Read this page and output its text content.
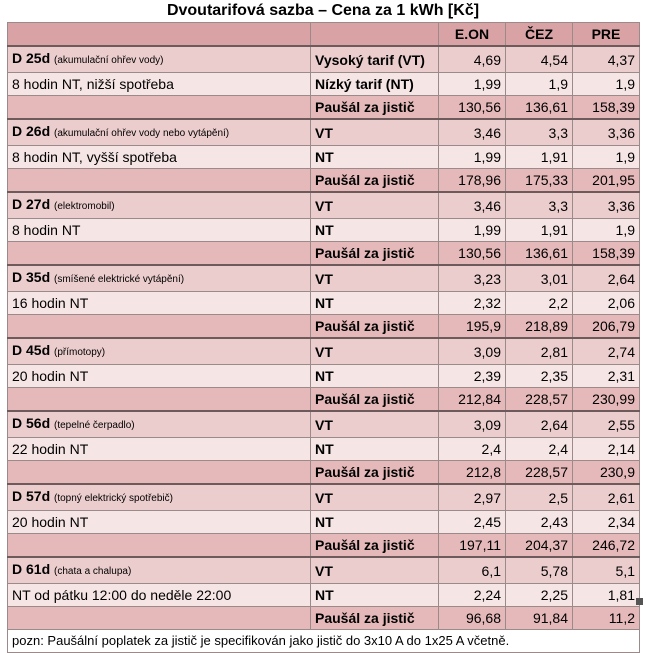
Dvoutarifová sazba – Cena za 1 kWh [Kč]
		E.ON	ČEZ	PRE
D 25d (akumulační ohřev vody)	Vysoký tarif (VT)	4,69	4,54	4,37
8 hodin NT, nižší spotřeba	Nízký tarif (NT)	1,99	1,9	1,9
	Paušál za jistič	130,56	136,61	158,39
D 26d (akumulační ohřev vody nebo vytápění)	VT	3,46	3,3	3,36
8 hodin NT, vyšší spotřeba	NT	1,99	1,91	1,9
	Paušál za jistič	178,96	175,33	201,95
D 27d (elektromobil)	VT	3,46	3,3	3,36
8 hodin NT	NT	1,99	1,91	1,9
	Paušál za jistič	130,56	136,61	158,39
D 35d (smíšené elektrické vytápění)	VT	3,23	3,01	2,64
16 hodin NT	NT	2,32	2,2	2,06
	Paušál za jistič	195,9	218,89	206,79
D 45d (přímotopy)	VT	3,09	2,81	2,74
20 hodin NT	NT	2,39	2,35	2,31
	Paušál za jistič	212,84	228,57	230,99
D 56d (tepelné čerpadlo)	VT	3,09	2,64	2,55
22 hodin NT	NT	2,4	2,4	2,14
	Paušál za jistič	212,8	228,57	230,9
D 57d (topný elektrický spotřebič)	VT	2,97	2,5	2,61
20 hodin NT	NT	2,45	2,43	2,34
	Paušál za jistič	197,11	204,37	246,72
D 61d (chata a chalupa)	VT	6,1	5,78	5,1
NT od pátku 12:00 do neděle 22:00	NT	2,24	2,25	1,81
	Paušál za jistič	96,68	91,84	11,2
pozn: Paušální poplatek za jistič je specifikován jako jistič do 3x10 A do 1x25 A včetně.				
